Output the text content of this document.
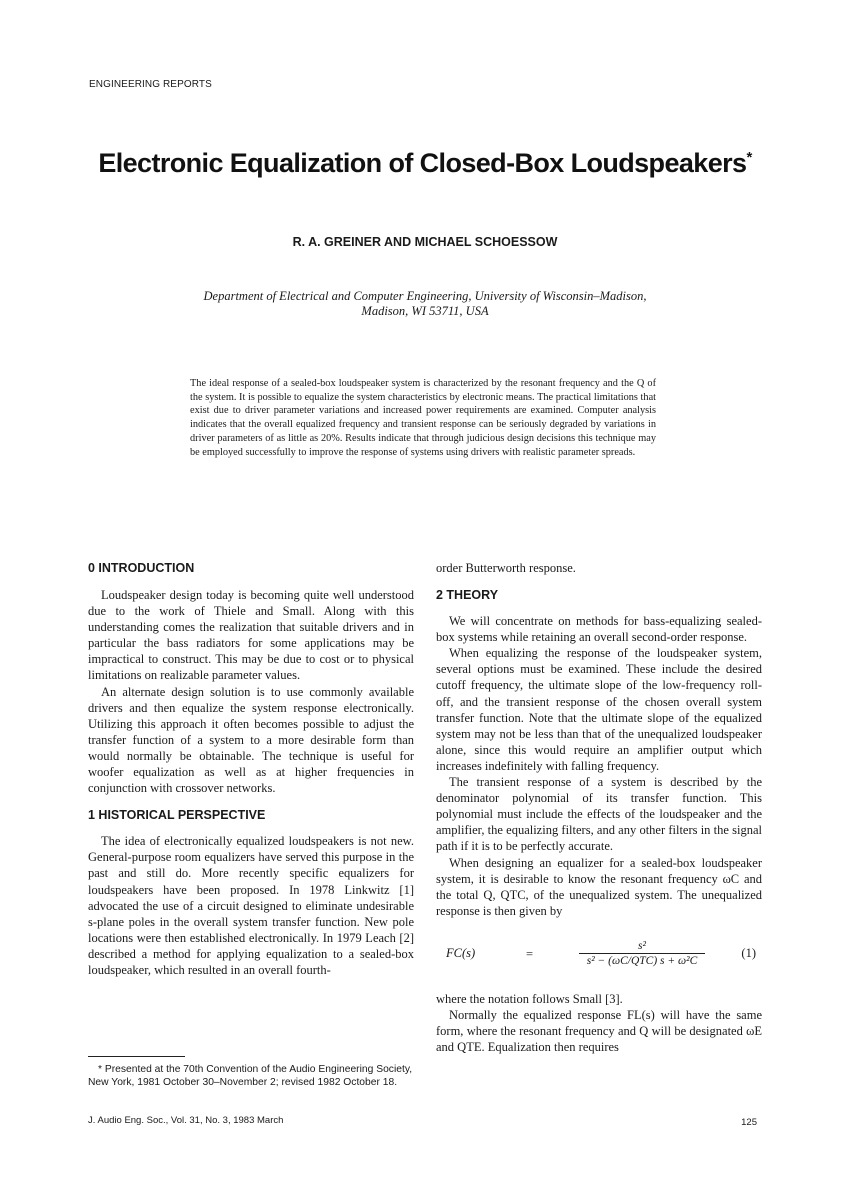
ENGINEERING REPORTS
Electronic Equalization of Closed-Box Loudspeakers*
R. A. GREINER AND MICHAEL SCHOESSOW
Department of Electrical and Computer Engineering, University of Wisconsin–Madison,
Madison, WI 53711, USA
The ideal response of a sealed-box loudspeaker system is characterized by the resonant frequency and the Q of the system. It is possible to equalize the system characteristics by electronic means. The practical limitations that exist due to driver parameter variations and increased power requirements are examined. Computer analysis indicates that the overall equalized frequency and transient response can be seriously degraded by variations in driver parameters of as little as 20%. Results indicate that through judicious design decisions this technique may be employed successfully to improve the response of systems using drivers with realistic parameter spreads.
0 INTRODUCTION

Loudspeaker design today is becoming quite well understood due to the work of Thiele and Small. Along with this understanding comes the realization that suitable drivers and in particular the bass radiators for some applications may be impractical to construct. This may be due to cost or to physical limitations on realizable parameter values.

An alternate design solution is to use commonly available drivers and then equalize the system response electronically. Utilizing this approach it often becomes possible to adjust the transfer function of a system to a more desirable form than would normally be obtainable. The technique is useful for woofer equalization as well as at higher frequencies in conjunction with crossover networks.

1 HISTORICAL PERSPECTIVE

The idea of electronically equalized loudspeakers is not new. General-purpose room equalizers have served this purpose in the past and still do. More recently specific equalizers for loudspeakers have been proposed. In 1978 Linkwitz [1] advocated the use of a circuit designed to eliminate undesirable s-plane poles in the overall system transfer function. New pole locations were then established electronically. In 1979 Leach [2] described a method for applying equalization to a sealed-box loudspeaker, which resulted in an overall fourth-

order Butterworth response.

2 THEORY

We will concentrate on methods for bass-equalizing sealed-box systems while retaining an overall second-order response.

When equalizing the response of the loudspeaker system, several options must be examined. These include the desired cutoff frequency, the ultimate slope of the low-frequency roll-off, and the transient response of the chosen overall system transfer function. Note that the ultimate slope of the equalized system may not be less than that of the unequalized loudspeaker alone, since this would require an amplifier output which increases indefinitely with falling frequency.

The transient response of a system is described by the denominator polynomial of its transfer function. This polynomial must include the effects of the loudspeaker and the amplifier, the equalizing filters, and any other filters in the signal path if it is to be perfectly accurate.

When designing an equalizer for a sealed-box loudspeaker system, it is desirable to know the resonant frequency ωC and the total Q, QTC, of the unequalized system. The unequalized response is then given by

FC(s)	=	$\frac{\text{s²}}{\text{s² − (ωC/QTC) s + ω²C}} (1)$

where the notation follows Small [3].

Normally the equalized response FL(s) will have the same form, where the resonant frequency and Q will be designated ωE and QTE. Equalization then requires

* Presented at the 70th Convention of the Audio Engineering Society, New York, 1981 October 30–November 2; revised 1982 October 18.
J. Audio Eng. Soc., Vol. 31, No. 3, 1983 March	125
